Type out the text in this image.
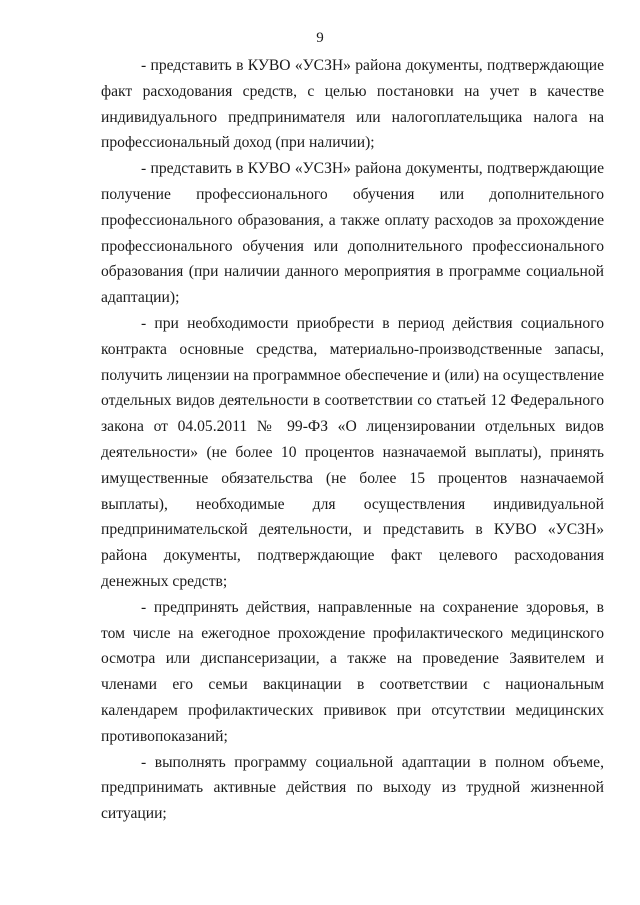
9

- представить в КУВО «УСЗН» района документы, подтверждающие факт расходования средств, с целью постановки на учет в качестве индивидуального предпринимателя или налогоплательщика налога на профессиональный доход (при наличии);

- представить в КУВО «УСЗН» района документы, подтверждающие получение профессионального обучения или дополнительного профессионального образования, а также оплату расходов за прохождение профессионального обучения или дополнительного профессионального образования (при наличии данного мероприятия в программе социальной адаптации);

- при необходимости приобрести в период действия социального контракта основные средства, материально-производственные запасы, получить лицензии на программное обеспечение и (или) на осуществление отдельных видов деятельности в соответствии со статьей 12 Федерального закона от 04.05.2011 № 99-ФЗ «О лицензировании отдельных видов деятельности» (не более 10 процентов назначаемой выплаты), принять имущественные обязательства (не более 15 процентов назначаемой выплаты), необходимые для осуществления индивидуальной предпринимательской деятельности, и представить в КУВО «УСЗН» района документы, подтверждающие факт целевого расходования денежных средств;

- предпринять действия, направленные на сохранение здоровья, в том числе на ежегодное прохождение профилактического медицинского осмотра или диспансеризации, а также на проведение Заявителем и членами его семьи вакцинации в соответствии с национальным календарем профилактических прививок при отсутствии медицинских противопоказаний;

- выполнять программу социальной адаптации в полном объеме, предпринимать активные действия по выходу из трудной жизненной ситуации;
